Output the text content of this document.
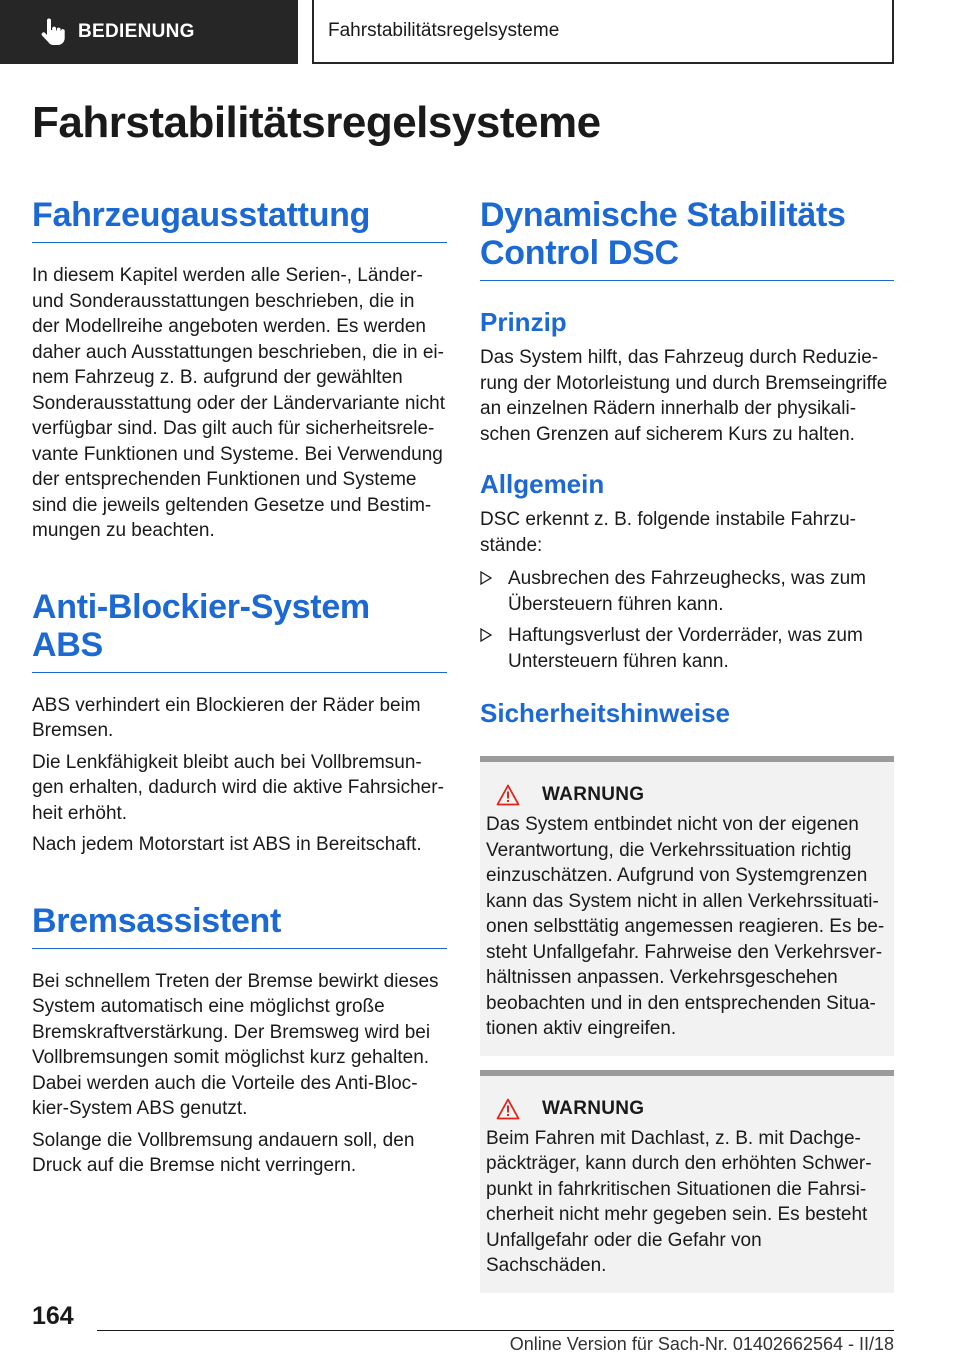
BEDIENUNG	Fahrstabilitätsregelsysteme
Fahrstabilitätsregelsysteme
Fahrzeugausstattung

In diesem Kapitel werden alle Serien-, Länder- und Sonderausstattungen beschrieben, die in der Modellreihe angeboten werden. Es werden daher auch Ausstattungen beschrieben, die in einem Fahrzeug z. B. aufgrund der gewählten Sonderausstattung oder der Ländervariante nicht verfügbar sind. Das gilt auch für sicherheitsrelevante Funktionen und Systeme. Bei Verwendung der entsprechenden Funktionen und Systeme sind die jeweils geltenden Gesetze und Bestimmungen zu beachten.

Anti-Blockier-System ABS

ABS verhindert ein Blockieren der Räder beim Bremsen.

Die Lenkfähigkeit bleibt auch bei Vollbremsungen erhalten, dadurch wird die aktive Fahrsicherheit erhöht.

Nach jedem Motorstart ist ABS in Bereitschaft.

Bremsassistent

Bei schnellem Treten der Bremse bewirkt dieses System automatisch eine möglichst große Bremskraftverstärkung. Der Bremsweg wird bei Vollbremsungen somit möglichst kurz gehalten. Dabei werden auch die Vorteile des Anti-Blockier-System ABS genutzt.

Solange die Vollbremsung andauern soll, den Druck auf die Bremse nicht verringern.

Dynamische Stabilitäts
Control DSC
Prinzip

Das System hilft, das Fahrzeug durch Reduzierung der Motorleistung und durch Bremseingriffe an einzelnen Rädern innerhalb der physikalischen Grenzen auf sicherem Kurs zu halten.

Allgemein

DSC erkennt z. B. folgende instabile Fahrzustände:

Ausbrechen des Fahrzeughecks, was zum Übersteuern führen kann.
Haftungsverlust der Vorderräder, was zum Untersteuern führen kann.
Sicherheitshinweise
WARNUNG

Das System entbindet nicht von der eigenen Verantwortung, die Verkehrssituation richtig einzuschätzen. Aufgrund von Systemgrenzen kann das System nicht in allen Verkehrssituationen selbsttätig angemessen reagieren. Es besteht Unfallgefahr. Fahrweise den Verkehrsverhältnissen anpassen. Verkehrsgeschehen beobachten und in den entsprechenden Situationen aktiv eingreifen.

WARNUNG

Beim Fahren mit Dachlast, z. B. mit Dachgepäckträger, kann durch den erhöhten Schwerpunkt in fahrkritischen Situationen die Fahrsicherheit nicht mehr gegeben sein. Es besteht Unfallgefahr oder die Gefahr von Sachschäden.

164
Online Version für Sach-Nr. 01402662564 - II/18
